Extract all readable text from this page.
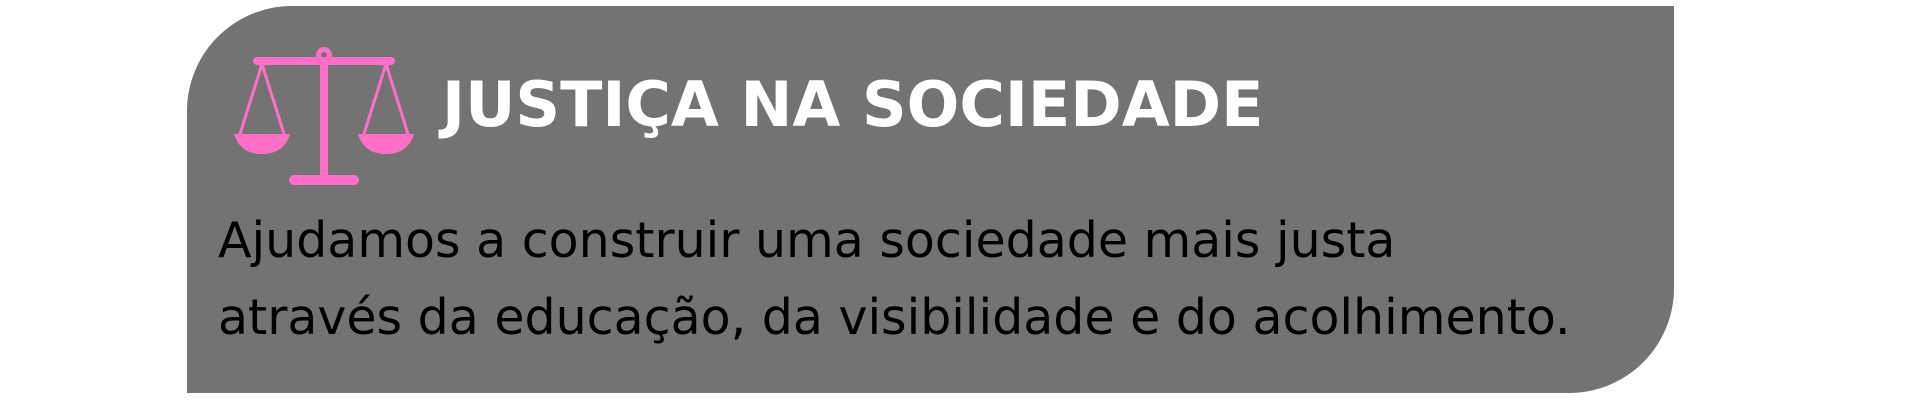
JUSTIÇA NA SOCIEDADE

Ajudamos a construir uma sociedade mais justa
através da educação, da visibilidade e do acolhimento.
